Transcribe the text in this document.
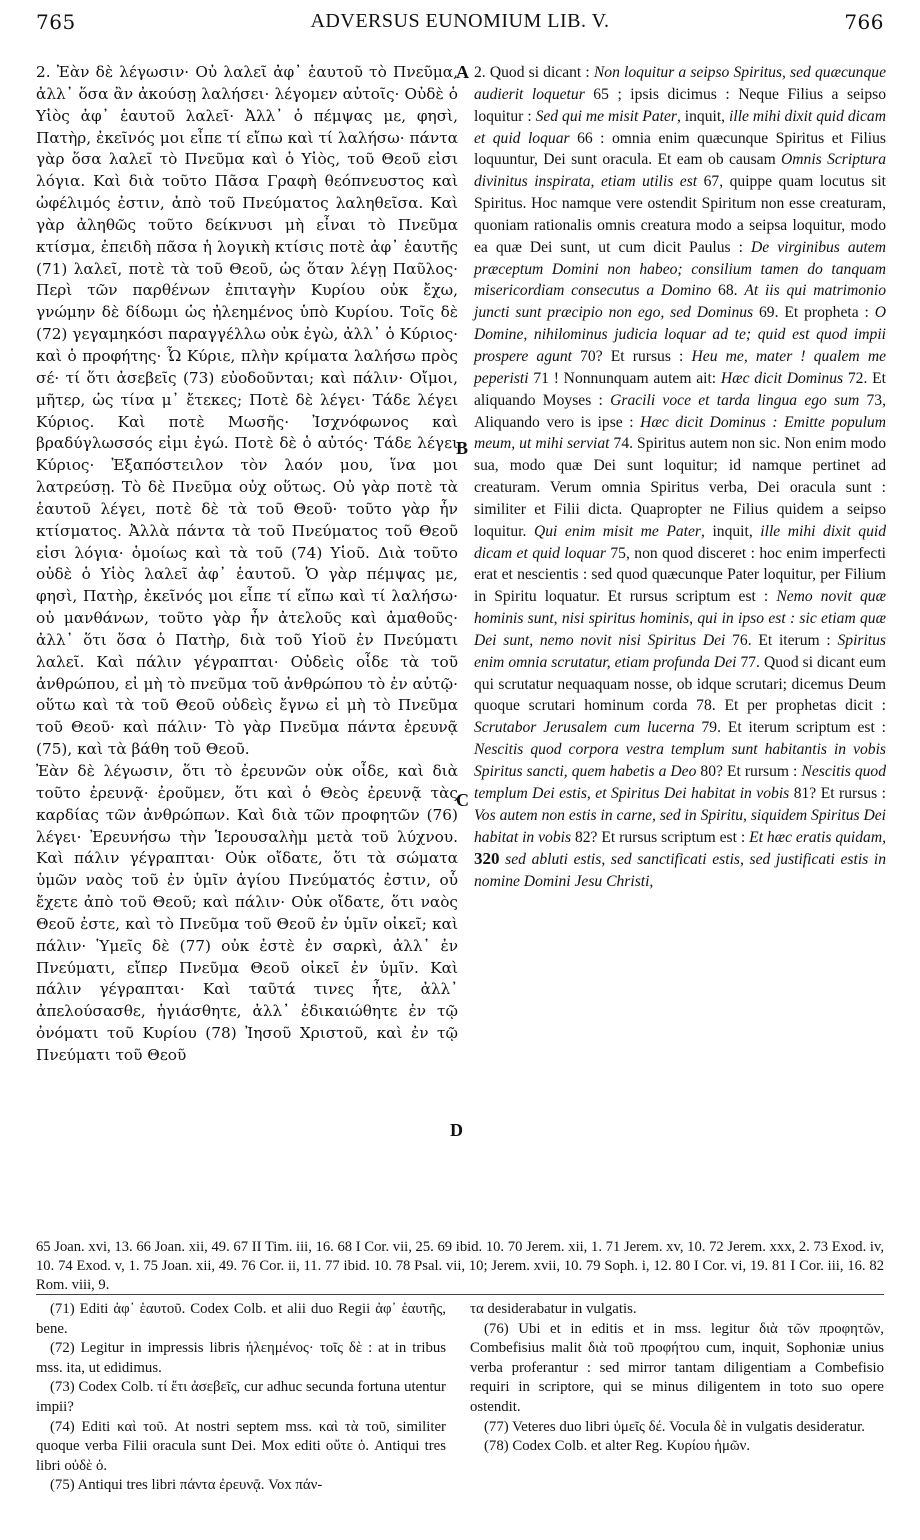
765	ADVERSUS EUNOMIUM LIB. V.	766

2. Ἐὰν δὲ λέγωσιν· Οὐ λαλεῖ ἀφ᾽ ἑαυτοῦ τὸ Πνεῦμα, ἀλλ᾽ ὅσα ἂν ἀκούσῃ λαλήσει· λέγομεν αὐτοῖς· Οὐδὲ ὁ Υἱὸς ἀφ᾽ ἑαυτοῦ λαλεῖ· Ἀλλ᾽ ὁ πέμψας με, φησὶ, Πατὴρ, ἐκεῖνός μοι εἶπε τί εἴπω καὶ τί λαλήσω· πάντα γὰρ ὅσα λαλεῖ τὸ Πνεῦμα καὶ ὁ Υἱὸς, τοῦ Θεοῦ εἰσι λόγια. Καὶ διὰ τοῦτο Πᾶσα Γραφὴ θεόπνευστος καὶ ὠφέλιμός ἐστιν, ἀπὸ τοῦ Πνεύματος λαληθεῖσα. Καὶ γὰρ ἀληθῶς τοῦτο δείκνυσι μὴ εἶναι τὸ Πνεῦμα κτίσμα, ἐπειδὴ πᾶσα ἡ λογικὴ κτίσις ποτὲ ἀφ᾽ ἑαυτῆς (71) λαλεῖ, ποτὲ τὰ τοῦ Θεοῦ, ὡς ὅταν λέγῃ Παῦλος· Περὶ τῶν παρθένων ἐπιταγὴν Κυρίου οὐκ ἔχω, γνώμην δὲ δίδωμι ὡς ἠλεημένος ὑπὸ Κυρίου. Τοῖς δὲ (72) γεγαμηκόσι παραγγέλλω οὐκ ἐγὼ, ἀλλ᾽ ὁ Κύριος· καὶ ὁ προφήτης· Ὦ Κύριε, πλὴν κρίματα λαλήσω πρὸς σέ· τί ὅτι ἀσεβεῖς (73) εὐοδοῦνται; καὶ πάλιν· Οἴμοι, μῆτερ, ὡς τίνα μ᾽ ἔτεκες; Ποτὲ δὲ λέγει· Τάδε λέγει Κύριος. Καὶ ποτὲ Μωσῆς· Ἰσχνόφωνος καὶ βραδύγλωσσός εἰμι ἐγώ. Ποτὲ δὲ ὁ αὐτός· Τάδε λέγει Κύριος· Ἐξαπόστειλον τὸν λαόν μου, ἵνα μοι λατρεύσῃ. Τὸ δὲ Πνεῦμα οὐχ οὕτως. Οὐ γὰρ ποτὲ τὰ ἑαυτοῦ λέγει, ποτὲ δὲ τὰ τοῦ Θεοῦ· τοῦτο γὰρ ἦν κτίσματος. Ἀλλὰ πάντα τὰ τοῦ Πνεύματος τοῦ Θεοῦ εἰσι λόγια· ὁμοίως καὶ τὰ τοῦ (74) Υἱοῦ. Διὰ τοῦτο οὐδὲ ὁ Υἱὸς λαλεῖ ἀφ᾽ ἑαυτοῦ. Ὁ γὰρ πέμψας με, φησὶ, Πατὴρ, ἐκεῖνός μοι εἶπε τί εἴπω καὶ τί λαλήσω· οὐ μανθάνων, τοῦτο γὰρ ἦν ἀτελοῦς καὶ ἀμαθοῦς· ἀλλ᾽ ὅτι ὅσα ὁ Πατὴρ, διὰ τοῦ Υἱοῦ ἐν Πνεύματι λαλεῖ. Καὶ πάλιν γέγραπται· Οὐδεὶς οἶδε τὰ τοῦ ἀνθρώπου, εἰ μὴ τὸ πνεῦμα τοῦ ἀνθρώπου τὸ ἐν αὐτῷ· οὕτω καὶ τὰ τοῦ Θεοῦ οὐδεὶς ἔγνω εἰ μὴ τὸ Πνεῦμα τοῦ Θεοῦ· καὶ πάλιν· Τὸ γὰρ Πνεῦμα πάντα ἐρευνᾷ (75), καὶ τὰ βάθη τοῦ Θεοῦ.

Ἐὰν δὲ λέγωσιν, ὅτι τὸ ἐρευνῶν οὐκ οἶδε, καὶ διὰ τοῦτο ἐρευνᾷ· ἐροῦμεν, ὅτι καὶ ὁ Θεὸς ἐρευνᾷ τὰς καρδίας τῶν ἀνθρώπων. Καὶ διὰ τῶν προφητῶν (76) λέγει· Ἐρευνήσω τὴν Ἱερουσαλὴμ μετὰ τοῦ λύχνου. Καὶ πάλιν γέγραπται· Οὐκ οἴδατε, ὅτι τὰ σώματα ὑμῶν ναὸς τοῦ ἐν ὑμῖν ἁγίου Πνεύματός ἐστιν, οὗ ἔχετε ἀπὸ τοῦ Θεοῦ; καὶ πάλιν· Οὐκ οἴδατε, ὅτι ναὸς Θεοῦ ἐστε, καὶ τὸ Πνεῦμα τοῦ Θεοῦ ἐν ὑμῖν οἰκεῖ; καὶ πάλιν· Ὑμεῖς δὲ (77) οὐκ ἐστὲ ἐν σαρκὶ, ἀλλ᾽ ἐν Πνεύματι, εἴπερ Πνεῦμα Θεοῦ οἰκεῖ ἐν ὑμῖν. Καὶ πάλιν γέγραπται· Καὶ ταῦτά τινες ἦτε, ἀλλ᾽ ἀπελούσασθε, ἡγιάσθητε, ἀλλ᾽ ἐδικαιώθητε ἐν τῷ ὀνόματι τοῦ Κυρίου (78) Ἰησοῦ Χριστοῦ, καὶ ἐν τῷ Πνεύματι τοῦ Θεοῦ

A
B
C
D

2. Quod si dicant : Non loquitur a seipso Spiritus, sed quæcunque audierit loquetur 65 ; ipsis dicimus : Neque Filius a seipso loquitur : Sed qui me misit Pater, inquit, ille mihi dixit quid dicam et quid loquar 66 : omnia enim quæcunque Spiritus et Filius loquuntur, Dei sunt oracula. Et eam ob causam Omnis Scriptura divinitus inspirata, etiam utilis est 67, quippe quam locutus sit Spiritus. Hoc namque vere ostendit Spiritum non esse creaturam, quoniam rationalis omnis creatura modo a seipsa loquitur, modo ea quæ Dei sunt, ut cum dicit Paulus : De virginibus autem præceptum Domini non habeo; consilium tamen do tanquam misericordiam consecutus a Domino 68. At iis qui matrimonio juncti sunt præcipio non ego, sed Dominus 69. Et propheta : O Domine, nihilominus judicia loquar ad te; quid est quod impii prospere agunt 70? Et rursus : Heu me, mater ! qualem me peperisti 71 ! Nonnunquam autem ait: Hæc dicit Dominus 72. Et aliquando Moyses : Gracili voce et tarda lingua ego sum 73, Aliquando vero is ipse : Hæc dicit Dominus : Emitte populum meum, ut mihi serviat 74. Spiritus autem non sic. Non enim modo sua, modo quæ Dei sunt loquitur; id namque pertinet ad creaturam. Verum omnia Spiritus verba, Dei oracula sunt : similiter et Filii dicta. Quapropter ne Filius quidem a seipso loquitur. Qui enim misit me Pater, inquit, ille mihi dixit quid dicam et quid loquar 75, non quod disceret : hoc enim imperfecti erat et nescientis : sed quod quæcunque Pater loquitur, per Filium in Spiritu loquatur. Et rursus scriptum est : Nemo novit quæ hominis sunt, nisi spiritus hominis, qui in ipso est : sic etiam quæ Dei sunt, nemo novit nisi Spiritus Dei 76. Et iterum : Spiritus enim omnia scrutatur, etiam profunda Dei 77. Quod si dicant eum qui scrutatur nequaquam nosse, ob idque scrutari; dicemus Deum quoque scrutari hominum corda 78. Et per prophetas dicit : Scrutabor Jerusalem cum lucerna 79. Et iterum scriptum est : Nescitis quod corpora vestra templum sunt habitantis in vobis Spiritus sancti, quem habetis a Deo 80? Et rursum : Nescitis quod templum Dei estis, et Spiritus Dei habitat in vobis 81? Et rursus : Vos autem non estis in carne, sed in Spiritu, siquidem Spiritus Dei habitat in vobis 82? Et rursus scriptum est : Et hæc eratis quidam, 320 sed abluti estis, sed sanctificati estis, sed justificati estis in nomine Domini Jesu Christi,

65 Joan. xvi, 13. 66 Joan. xii, 49. 67 II Tim. iii, 16. 68 I Cor. vii, 25. 69 ibid. 10. 70 Jerem. xii, 1. 71 Jerem. xv, 10. 72 Jerem. xxx, 2. 73 Exod. iv, 10. 74 Exod. v, 1. 75 Joan. xii, 49. 76 Cor. ii, 11. 77 ibid. 10. 78 Psal. vii, 10; Jerem. xvii, 10. 79 Soph. i, 12. 80 I Cor. vi, 19. 81 I Cor. iii, 16. 82 Rom. viii, 9.

(71) Editi ἀφ᾽ ἑαυτοῦ. Codex Colb. et alii duo Regii ἀφ᾽ ἑαυτῆς, bene.

(72) Legitur in impressis libris ἠλεημένος· τοῖς δὲ : at in tribus mss. ita, ut edidimus.

(73) Codex Colb. τί ἔτι ἀσεβεῖς, cur adhuc secunda fortuna utentur impii?

(74) Editi καὶ τοῦ. At nostri septem mss. καὶ τὰ τοῦ, similiter quoque verba Filii oracula sunt Dei. Mox editi οὔτε ὁ. Antiqui tres libri οὐδὲ ὁ.

(75) Antiqui tres libri πάντα ἐρευνᾷ. Vox πάν-

τα desiderabatur in vulgatis.

(76) Ubi et in editis et in mss. legitur διὰ τῶν προφητῶν, Combefisius malit διὰ τοῦ προφήτου cum, inquit, Sophoniæ unius verba proferantur : sed mirror tantam diligentiam a Combefisio requiri in scriptore, qui se minus diligentem in toto suo opere ostendit.

(77) Veteres duo libri ὑμεῖς δέ. Vocula δὲ in vulgatis desideratur.

(78) Codex Colb. et alter Reg. Κυρίου ἡμῶν.
